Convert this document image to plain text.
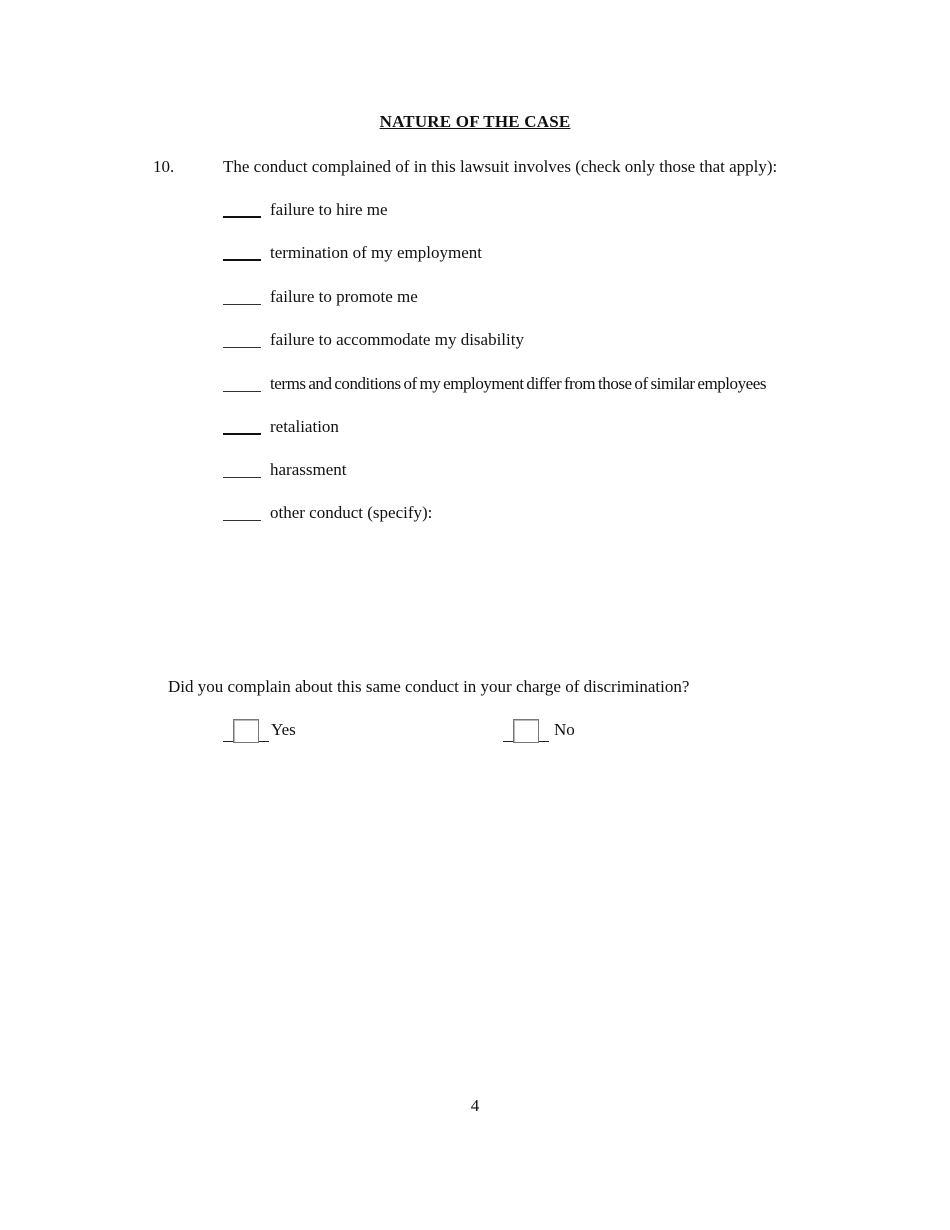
NATURE OF THE CASE
10.	The conduct complained of in this lawsuit involves (check only those that apply):
failure to hire me
termination of my employment
failure to promote me
failure to accommodate my disability
terms and conditions of my employment differ from those of similar employees
retaliation
harassment
other conduct (specify):
Did you complain about this same conduct in your charge of discrimination?
Yes	No
4
